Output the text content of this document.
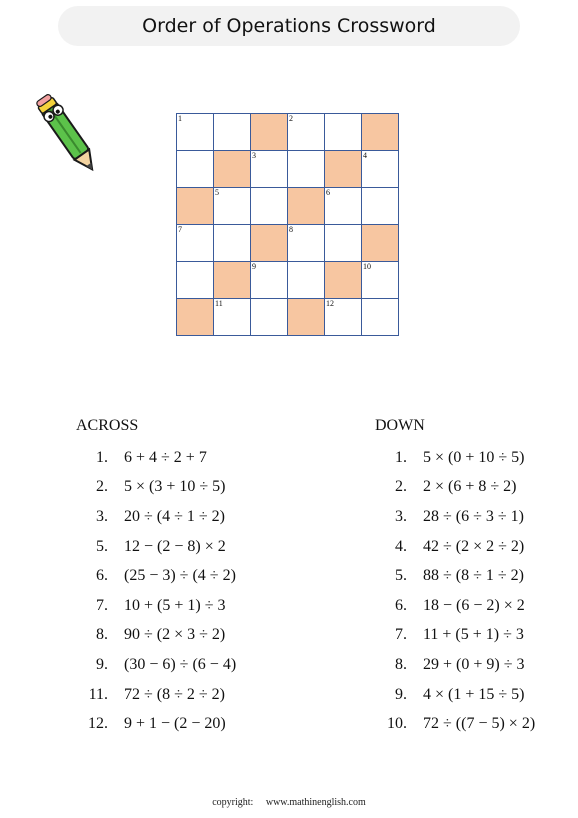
Order of Operations Crossword
1	2
3	4
5	6
7	8
9	10
11	12
ACROSS
1.	6 + 4 ÷ 2 + 7
2.	5 × (3 + 10 ÷ 5)
3.	20 ÷ (4 ÷ 1 ÷ 2)
5.	12 − (2 − 8) × 2
6.	(25 − 3) ÷ (4 ÷ 2)
7.	10 + (5 + 1) ÷ 3
8.	90 ÷ (2 × 3 ÷ 2)
9.	(30 − 6) ÷ (6 − 4)
11.	72 ÷ (8 ÷ 2 ÷ 2)
12.	9 + 1 − (2 − 20)
DOWN
1.	5 × (0 + 10 ÷ 5)
2.	2 × (6 + 8 ÷ 2)
3.	28 ÷ (6 ÷ 3 ÷ 1)
4.	42 ÷ (2 × 2 ÷ 2)
5.	88 ÷ (8 ÷ 1 ÷ 2)
6.	18 − (6 − 2) × 2
7.	11 + (5 + 1) ÷ 3
8.	29 + (0 + 9) ÷ 3
9.	4 × (1 + 15 ÷ 5)
10.	72 ÷ ((7 − 5) × 2)
copyright: www.mathinenglish.com
